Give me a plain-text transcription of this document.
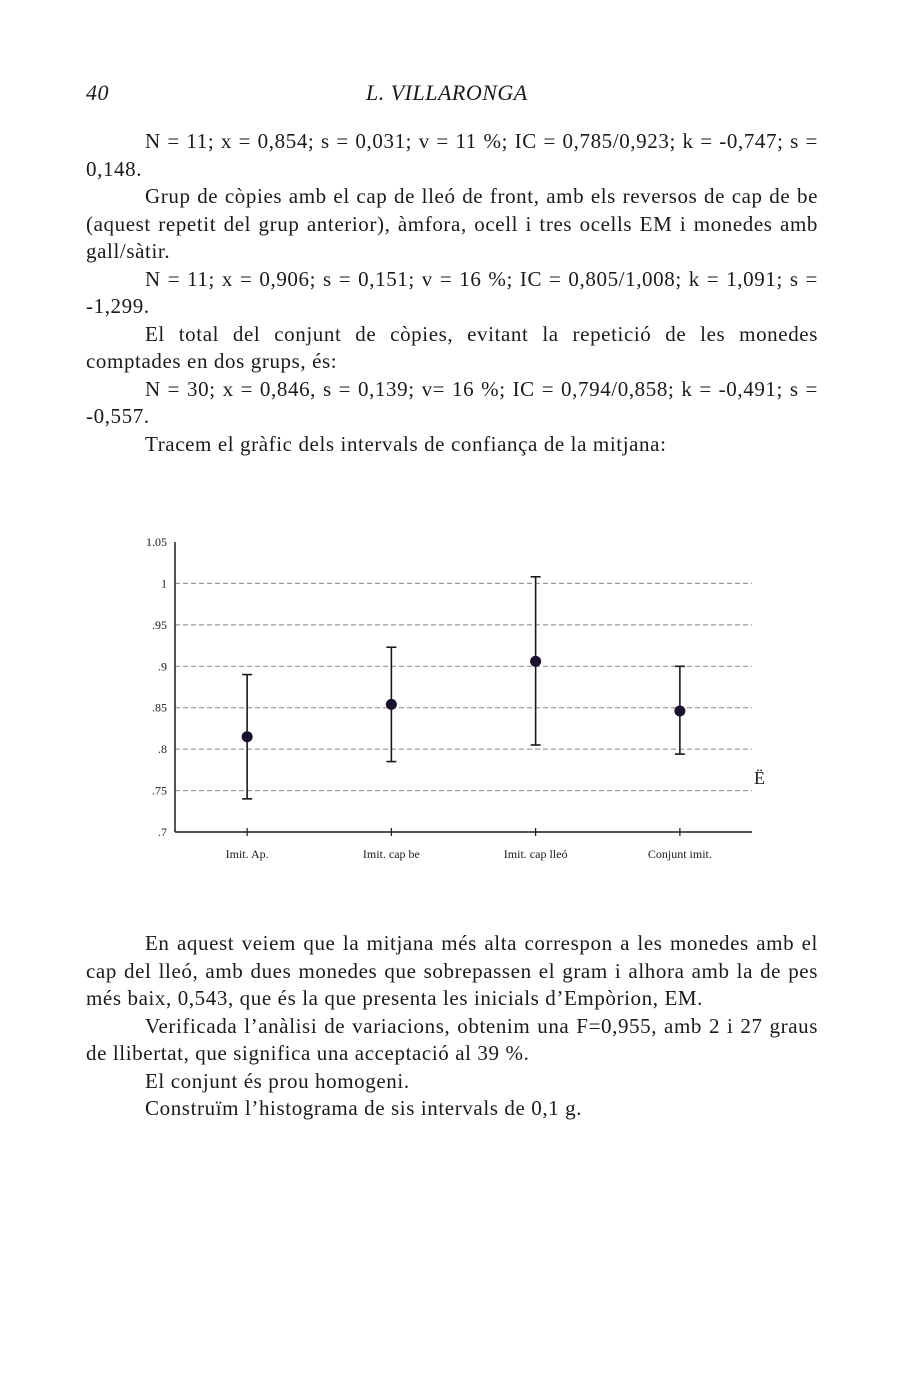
40	L. VILLARONGA

N = 11; x = 0,854; s = 0,031; v = 11 %; IC = 0,785/0,923; k = -0,747; s = 0,148.

Grup de còpies amb el cap de lleó de front, amb els reversos de cap de be (aquest repetit del grup anterior), àmfora, ocell i tres ocells EM i monedes amb gall/sàtir.

N = 11; x = 0,906; s = 0,151; v = 16 %; IC = 0,805/1,008; k = 1,091; s = -1,299.

El total del conjunt de còpies, evitant la repetició de les monedes comptades en dos grups, és:

N = 30; x = 0,846, s = 0,139; v= 16 %; IC = 0,794/0,858; k = -0,491; s = -0,557.

Tracem el gràfic dels intervals de confiança de la mitjana:

.7
.75
.8
.85
.9
.95
1
1.05
Imit. Ap.	Imit. cap be	Imit. cap lleó	Conjunt imit.
Ë

En aquest veiem que la mitjana més alta correspon a les monedes amb el cap del lleó, amb dues monedes que sobrepassen el gram i alhora amb la de pes més baix, 0,543, que és la que presenta les inicials d’Empòrion, EM.

Verificada l’anàlisi de variacions, obtenim una F=0,955, amb 2 i 27 graus de llibertat, que significa una acceptació al 39 %.

El conjunt és prou homogeni.

Construïm l’histograma de sis intervals de 0,1 g.
